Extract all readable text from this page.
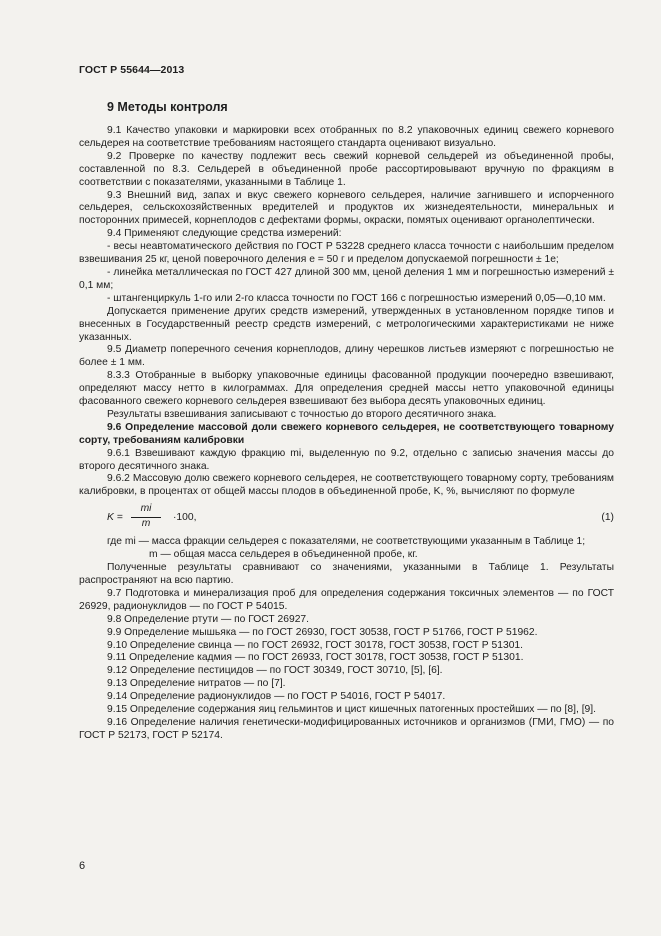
ГОСТ Р 55644—2013
9 Методы контроля

9.1 Качество упаковки и маркировки всех отобранных по 8.2 упаковочных единиц свежего корневого сельдерея на соответствие требованиям настоящего стандарта оценивают визуально.

9.2 Проверке по качеству подлежит весь свежий корневой сельдерей из объединенной пробы, составленной по 8.3. Сельдерей в объединенной пробе рассортировывают вручную по фракциям в соответствии с показателями, указанными в Таблице 1.

9.3 Внешний вид, запах и вкус свежего корневого сельдерея, наличие загнившего и испорченного сельдерея, сельскохозяйственных вредителей и продуктов их жизнедеятельности, минеральных и посторонних примесей, корнеплодов с дефектами формы, окраски, помятых оценивают органолептически.

9.4 Применяют следующие средства измерений:

- весы неавтоматического действия по ГОСТ Р 53228 среднего класса точности с наибольшим пределом взвешивания 25 кг, ценой поверочного деления e = 50 г и пределом допускаемой погрешности ± 1e;

- линейка металлическая по ГОСТ 427 длиной 300 мм, ценой деления 1 мм и погрешностью измерений ± 0,1 мм;

- штангенциркуль 1-го или 2-го класса точности по ГОСТ 166 с погрешностью измерений 0,05—0,10 мм.

Допускается применение других средств измерений, утвержденных в установленном порядке типов и внесенных в Государственный реестр средств измерений, с метрологическими характеристиками не ниже указанных.

9.5 Диаметр поперечного сечения корнеплодов, длину черешков листьев измеряют с погрешностью не более ± 1 мм.

8.3.3 Отобранные в выборку упаковочные единицы фасованной продукции поочередно взвешивают, определяют массу нетто в килограммах. Для определения средней массы нетто упаковочной единицы фасованного свежего корневого сельдерея взвешивают без выбора десять упаковочных единиц.

Результаты взвешивания записывают с точностью до второго десятичного знака.

9.6 Определение массовой доли свежего корневого сельдерея, не соответствующего товарному сорту, требованиям калибровки

9.6.1 Взвешивают каждую фракцию mi, выделенную по 9.2, отдельно с записью значения массы до второго десятичного знака.

9.6.2 Массовую долю свежего корневого сельдерея, не соответствующего товарному сорту, требованиям калибровки, в процентах от общей массы плодов в объединенной пробе, K, %, вычисляют по формуле

$K = \frac{mi}{m} \cdot 100$,	(1)

где mi — масса фракции сельдерея с показателями, не соответствующими указанным в Таблице 1;

m — общая масса сельдерея в объединенной пробе, кг.

Полученные результаты сравнивают со значениями, указанными в Таблице 1. Результаты распространяют на всю партию.

9.7 Подготовка и минерализация проб для определения содержания токсичных элементов — по ГОСТ 26929, радионуклидов — по ГОСТ Р 54015.

9.8 Определение ртути — по ГОСТ 26927.

9.9 Определение мышьяка — по ГОСТ 26930, ГОСТ 30538, ГОСТ Р 51766, ГОСТ Р 51962.

9.10 Определение свинца — по ГОСТ 26932, ГОСТ 30178, ГОСТ 30538, ГОСТ Р 51301.

9.11 Определение кадмия — по ГОСТ 26933, ГОСТ 30178, ГОСТ 30538, ГОСТ Р 51301.

9.12 Определение пестицидов — по ГОСТ 30349, ГОСТ 30710, [5], [6].

9.13 Определение нитратов — по [7].

9.14 Определение радионуклидов — по ГОСТ Р 54016, ГОСТ Р 54017.

9.15 Определение содержания яиц гельминтов и цист кишечных патогенных простейших — по [8], [9].

9.16 Определение наличия генетически-модифицированных источников и организмов (ГМИ, ГМО) — по ГОСТ Р 52173, ГОСТ Р 52174.

6
